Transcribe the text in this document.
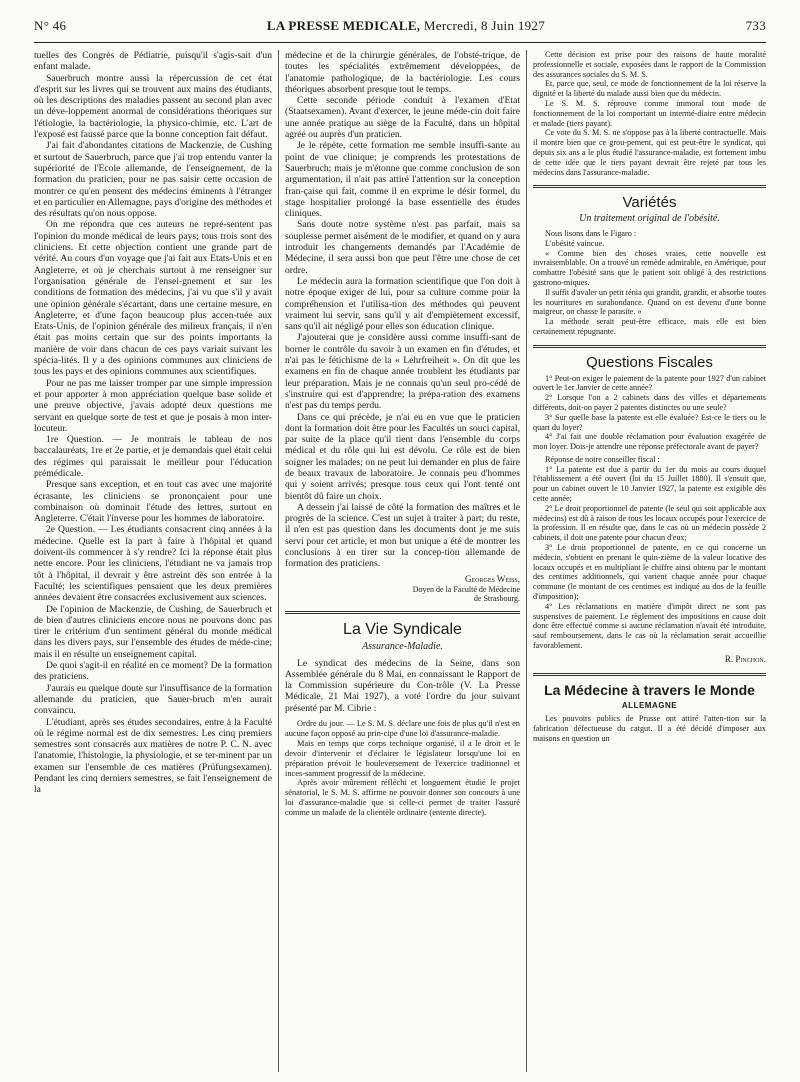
N° 46	LA PRESSE MEDICALE, Mercredi, 8 Juin 1927	733

tuelles des Congrès de Pédiatrie, puisqu'il s'agis-sait d'un enfant malade.

Sauerbruch montre aussi la répercussion de cet état d'esprit sur les livres qui se trouvent aux mains des étudiants, où les descriptions des maladies passent au second plan avec un déve-loppement anormal de considérations théoriques sur l'étiologie, la bactériologie, la physico-chimie, etc. L'art de l'exposé est faussé parce que la bonne conception fait défaut.

J'ai fait d'abondantes citations de Mackenzie, de Cushing et surtout de Sauerbruch, parce que j'ai trop entendu vanter la supériorité de l'Ecole allemande, de l'enseignement, de la formation du praticien, pour ne pas saisir cette occasion de montrer ce qu'en pensent des médecins éminents à l'étranger et en particulier en Allemagne, pays d'origine des méthodes et des résultats qu'on nous oppose.

On me répondra que ces auteurs ne repré-sentent pas l'opinion du monde médical de leurs pays; tous trois sont des cliniciens. Et cette objection contient une grande part de vérité. Au cours d'un voyage que j'ai fait aux Etats-Unis et en Angleterre, et où je cherchais surtout à me renseigner sur l'organisation générale de l'ensei-gnement et sur les conditions de formation des médecins, j'ai vu que s'il y avait une opinion générale s'écartant, dans une certaine mesure, en Angleterre, et d'une façon beaucoup plus accen-tuée aux Etats-Unis, de l'opinion générale des milieux français, il n'en était pas moins certain que sur des points importants la manière de voir dans chacun de ces pays variait suivant les spécia-lités. Il y a des opinions communes aux cliniciens de tous les pays et des opinions communes aux scientifiques.

Pour ne pas me laisser tromper par une simple impression et pour apporter à mon appréciation quelque base solide et une preuve objective, j'avais adopté deux questions me servant en quelque sorte de test et que je posais à mon inter-locuteur.

1re Question. — Je montrais le tableau de nos baccalauréats, 1re et 2e partie, et je demandais quel était celui des régimes qui paraissait le meilleur pour l'éducation prémédicale.

Presque sans exception, et en tout cas avec une majorité écrasante, les cliniciens se prononçaient pour une combinaison où dominait l'étude des lettres, surtout en Angleterre. C'était l'inverse pour les hommes de laboratoire.

2e Question. — Les étudiants consacrent cinq années à la médecine. Quelle est la part à faire à l'hôpital et quand doivent-ils commencer à s'y rendre? Ici la réponse était plus nette encore. Pour les cliniciens, l'étudiant ne va jamais trop tôt à l'hôpital, il devrait y être astreint dès son entrée à la Faculté; les scientifiques pensaient que les deux premières années devaient être consacrées exclusivement aux sciences.

De l'opinion de Mackenzie, de Cushing, de Sauerbruch et de bien d'autres cliniciens encore nous ne pouvons donc pas tirer le critérium d'un sentiment général du monde médical dans les divers pays, sur l'ensemble des études de méde-cine; mais il en résulte un enseignement capital.

De quoi s'agit-il en réalité en ce moment? De la formation des praticiens.

J'aurais eu quelque doute sur l'insuffisance de la formation allemande du praticien, que Sauer-bruch m'en aurait convaincu.

L'étudiant, après ses études secondaires, entre à la Faculté où le régime normal est de dix semestres. Les cinq premiers semestres sont consacrés aux matières de notre P. C. N. avec l'anatomie, l'histologie, la physiologie, et se ter-minent par un examen sur l'ensemble de ces matières (Prüfungsexamen). Pendant les cinq derniers semestres, se fait l'enseignement de la

médecine et de la chirurgie générales, de l'obsté-trique, de toutes les spécialités extrêmement développées, de l'anatomie pathologique, de la bactériologie. Les cours théoriques absorbent presque tout le temps.

Cette seconde période conduit à l'examen d'Etat (Staatsexamen). Avant d'exercer, le jeune méde-cin doit faire une année pratique au siège de la Faculté, dans un hôpital agréé ou auprès d'un praticien.

Je le répète, cette formation me semble insuffi-sante au point de vue clinique; je comprends les protestations de Sauerbruch; mais je m'étonne que comme conclusion de son argumentation, il n'ait pas attiré l'attention sur la conception fran-çaise qui fait, comme il en exprime le désir formel, du stage hospitalier prolongé la base essentielle des études cliniques.

Sans doute notre système n'est pas parfait, mais sa souplesse permet aisément de le modifier, et quand on y aura introduit les changements demandés par l'Académie de Médecine, il sera aussi bon que peut l'être une chose de cet ordre.

Le médecin aura la formation scientifique que l'on doit à notre époque exiger de lui, pour sa culture comme pour la compréhension et l'utilisa-tion des méthodes qui peuvent vraiment lui servir, sans qu'il y ait d'empiètement excessif, sans qu'il ait négligé pour elles son éducation clinique.

J'ajouterai que je considère aussi comme insuffi-sant de borner le contrôle du savoir à un examen en fin d'études, et n'ai pas le fétichisme de la « Lehrfreiheit ». On dit que les examens en fin de chaque année troublent les étudiants par leur préparation. Mais je ne connais qu'un seul pro-cédé de s'instruire qui est d'apprendre; la prépa-ration des examens n'est pas du temps perdu.

Dans ce qui précède, je n'ai eu en vue que le praticien dont la formation doit être pour les Facultés un souci capital, par suite de la place qu'il tient dans l'ensemble du corps médical et du rôle qui lui est dévolu. Ce rôle est de bien soigner les malades; on ne peut lui demander en plus de faire de beaux travaux de laboratoire. Je connais peu d'hommes qui y soient arrivés; presque tous ceux qui l'ont tenté ont bientôt dû faire un choix.

A dessein j'ai laissé de côté la formation des maîtres et le progrès de la science. C'est un sujet à traiter à part; du reste, il n'en est pas question dans les documents dont je me suis servi pour cet article, et mon but unique a été de montrer les conclusions à en tirer sur la concep-tion allemande de formation des praticiens.

Georges Weiss,
Doyen de la Faculté de Médecine
de Strasbourg.
La Vie Syndicale
Assurance-Maladie.

Le syndicat des médecins de la Seine, dans son Assemblée générale du 8 Mai, en connaissant le Rapport de la Commission supérieure du Con-trôle (V. La Presse Médicale, 21 Mai 1927), a voté l'ordre du jour suivant présenté par M. Cibrie :

Ordre du jour. — Le S. M. S. déclare une fois de plus qu'il n'est en aucune façon opposé au prin-cipe d'une loi d'assurance-maladie.

Mais en temps que corps technique organisé, il a le droit et le devoir d'intervenir et d'éclairer le législateur lorsqu'une loi en préparation prévoit le bouleversement de l'exercice traditionnel et inces-samment progressif de la médecine.

Après avoir mûrement réfléchi et longuement étudié le projet sénatorial, le S. M. S. affirme ne pouvoir donner son concours à une loi d'assurance-maladie que si celle-ci permet de traiter l'assuré comme un malade de la clientèle ordinaire (entente directe).

Cette décision est prise pour des raisons de haute moralité professionnelle et sociale, exposées dans le rapport de la Commission des assurances sociales du S. M. S.

Et, parce que, seul, ce mode de fonctionnement de la loi réserve la dignité et la liberté du malade aussi bien que du médecin.

Le S. M. S. réprouve comme immoral tout mode de fonctionnement de la loi comportant un intermé-diaire entre médecin et malade (tiers payant).

Ce vote du S. M. S. ne s'oppose pas à la liberté contractuelle. Mais il montre bien que ce grou-pement, qui est peut-être le syndicat, qui depuis six ans a le plus étudié l'assurance-maladie, est fortement imbu de cette idée que le tiers payant devrait être rejeté par tous les médecins dans l'assurance-maladie.

Variétés
Un traitement original de l'obésité.

Nous lisons dans le Figaro :

L'obésité vaincue.

« Comme bien des choses vraies, cette nouvelle est invraisemblable. On a trouvé un remède admirable, en Amérique, pour combattre l'obésité sans que le patient soit obligé à des restrictions gastrono-miques.

Il suffit d'avaler un petit ténia qui grandit, grandit, et absorbe toutes les nourritures en surabondance. Quand on est devenu d'une bonne maigreur, on chasse le parasite. »

La méthode serait peut-être efficace, mais elle est bien certainement répugnante.

Questions Fiscales

1° Peut-on exiger le paiement de la patente pour 1927 d'un cabinet ouvert le 1er Janvier de cette année?

2° Lorsque l'on a 2 cabinets dans des villes et départements différents, doit-on payer 2 patentes distinctes ou une seule?

3° Sur quelle base la patente est elle évaluée? Est-ce le tiers ou le quart du loyer?

4° J'ai fait une double réclamation pour évaluation exagérée de mon loyer. Dois-je attendre une réponse préfectorale avant de payer?

Réponse de notre conseiller fiscal :

1° La patente est due à partir du 1er du mois au cours duquel l'établissement a été ouvert (loi du 15 Juillet 1880). Il s'ensuit que, pour un cabinet ouvert le 10 Janvier 1927, la patente est exigible dès cette année;

2° Le droit proportionnel de patente (le seul qui soit applicable aux médecins) est dû à raison de tous les locaux occupés pour l'exercice de la profession. Il en résulte que, dans le cas où un médecin possède 2 cabinets, il doit une patente pour chacun d'eux;

3° Le droit proportionnel de patente, en ce qui concerne un médecin, s'obtient en prenant le quin-zième de la valeur locative des locaux occupés et en multipliant le chiffre ainsi obtenu par le montant des centimes additionnels, qui varient chaque année pour chaque commune (le montant de ces centimes est indiqué au dos de la feuille d'imposition);

4° Les réclamations en matière d'impôt direct ne sont pas suspensives de paiement. Le règlement des impositions en cause doit donc être effectué comme si aucune réclamation n'avait été introduite, sauf remboursement, dans le cas où la réclamation serait accueillie favorablement.

R. Pinchon.
La Médecine à travers le Monde
ALLEMAGNE

Les pouvoirs publics de Prusse ont attiré l'atten-tion sur la fabrication défectueuse du catgut. Il a été décidé d'imposer aux maisons en question un
